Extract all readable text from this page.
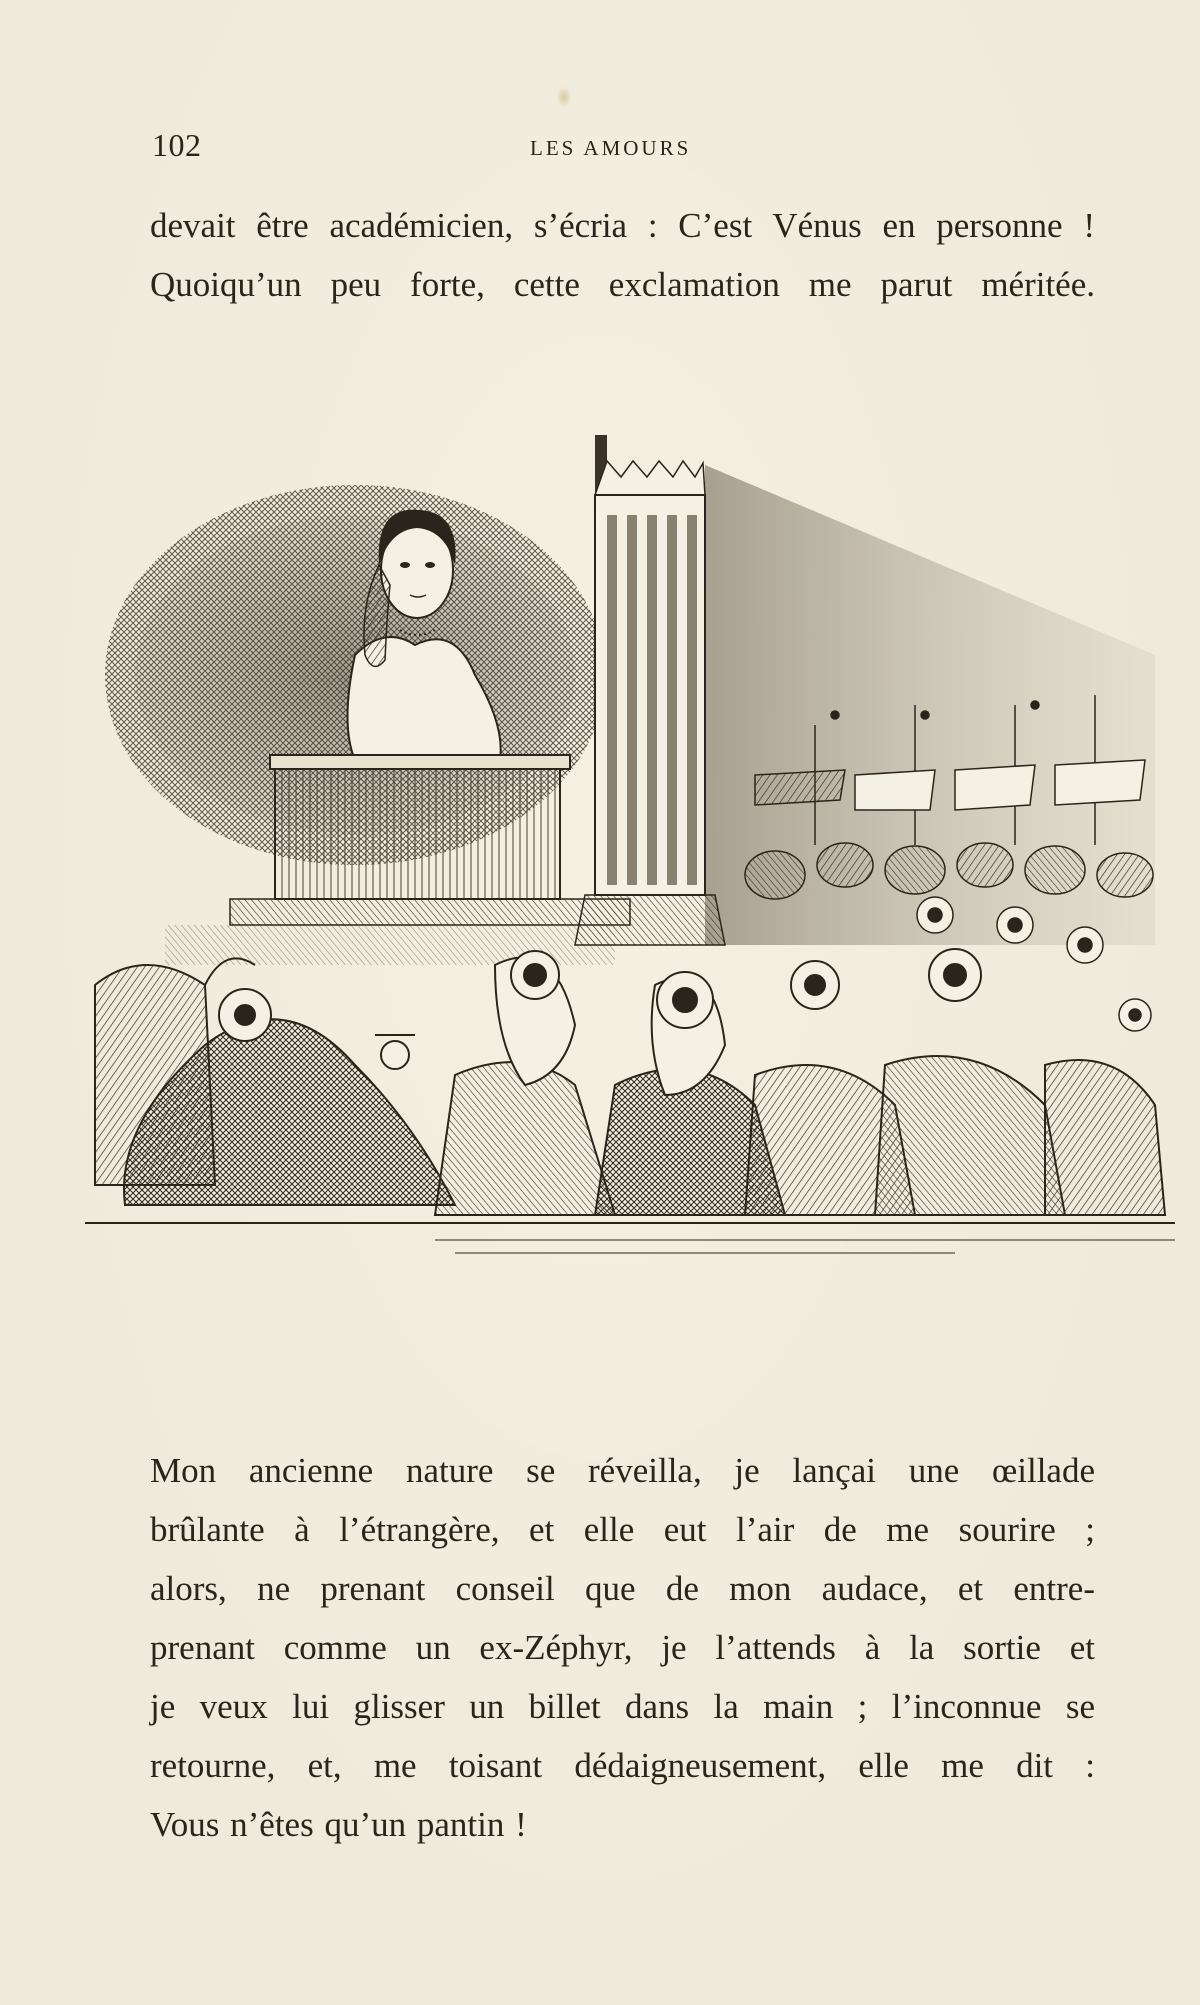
102	LES AMOURS
devait être académicien, s’écria : C’est Vénus en personne !
Quoiqu’un peu forte, cette exclamation me parut méritée.
Mon ancienne nature se réveilla, je lançai une œillade
brûlante à l’étrangère, et elle eut l’air de me sourire ;
alors, ne prenant conseil que de mon audace, et entre-
prenant comme un ex-Zéphyr, je l’attends à la sortie et
je veux lui glisser un billet dans la main ; l’inconnue se
retourne, et, me toisant dédaigneusement, elle me dit :
Vous n’êtes qu’un pantin !
